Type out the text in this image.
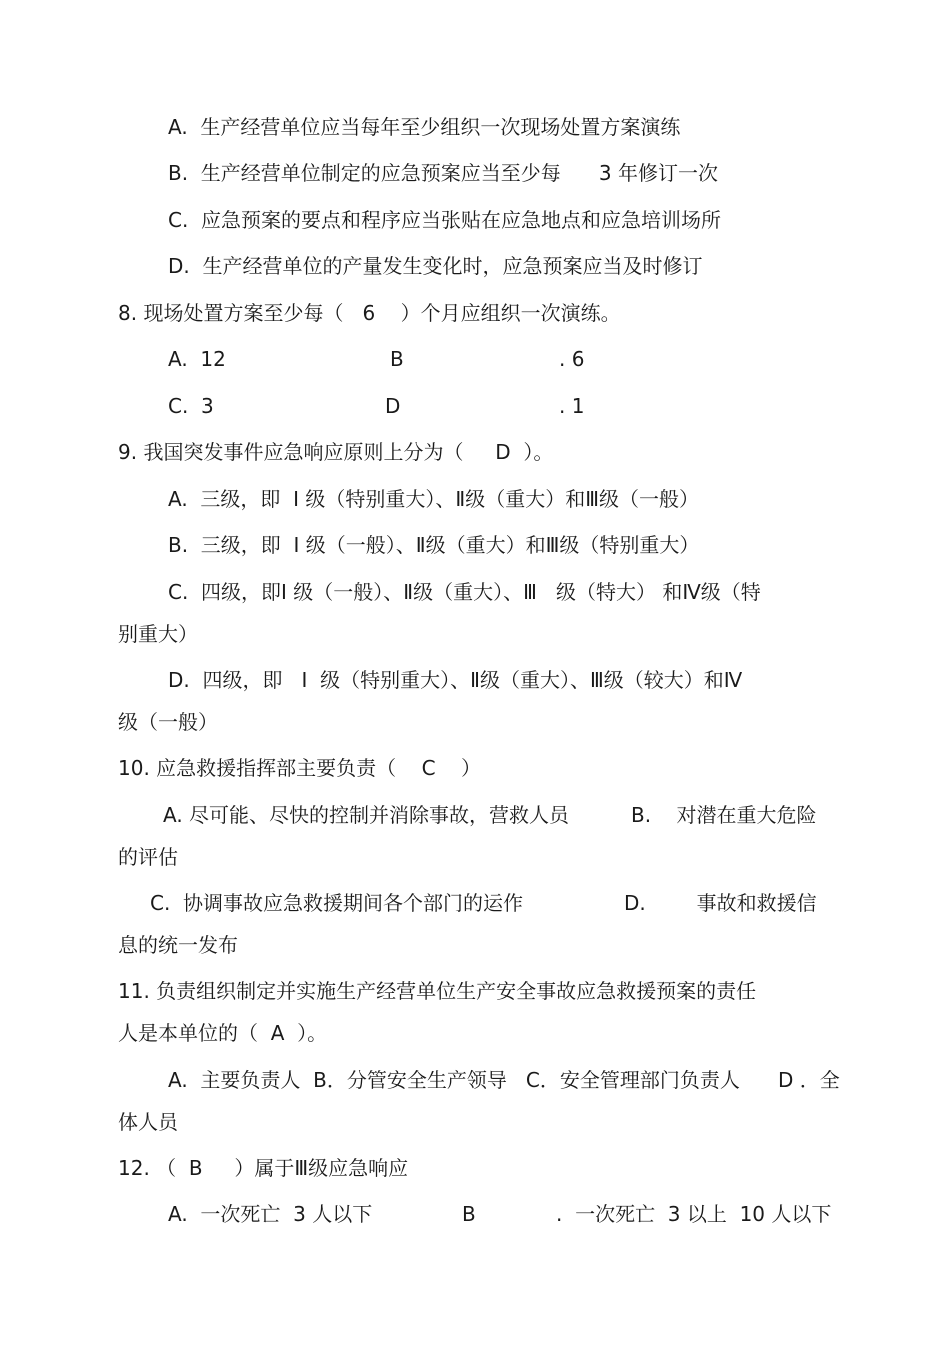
A.  生产经营单位应当每年至少组织一次现场处置方案演练
B.  生产经营单位制定的应急预案应当至少每      3 年修订一次
C.  应急预案的要点和程序应当张贴在应急地点和应急培训场所
D.  生产经营单位的产量发生变化时，应急预案应当及时修订
8. 现场处置方案至少每（   6    ）个月应组织一次演练。
A.  12	B	. 6
C.  3	D	. 1
9. 我国突发事件应急响应原则上分为（     D  ）。
A.  三级，即  Ⅰ 级（特别重大）、Ⅱ级（重大）和Ⅲ级（一般）
B.  三级，即  Ⅰ 级（一般）、Ⅱ级（重大）和Ⅲ级（特别重大）
C.  四级，即Ⅰ 级（一般）、Ⅱ级（重大）、Ⅲ   级（特大） 和Ⅳ级（特
别重大）
D.  四级，即   Ⅰ  级（特别重大）、Ⅱ级（重大）、Ⅲ级（较大）和Ⅳ
级（一般）
10. 应急救援指挥部主要负责（    C    ）
A. 尽可能、尽快的控制并消除事故，营救人员	B.    对潜在重大危险
的评估
C.  协调事故应急救援期间各个部门的运作	D.        事故和救援信
息的统一发布
11. 负责组织制定并实施生产经营单位生产安全事故应急救援预案的责任
人是本单位的（  A  ）。
A.  主要负责人  B．分管安全生产领导   C．安全管理部门负责人      D ．全
体人员
12. （  B     ）属于Ⅲ级应急响应
A.  一次死亡  3 人以下	B	.  一次死亡  3 以上  10 人以下
